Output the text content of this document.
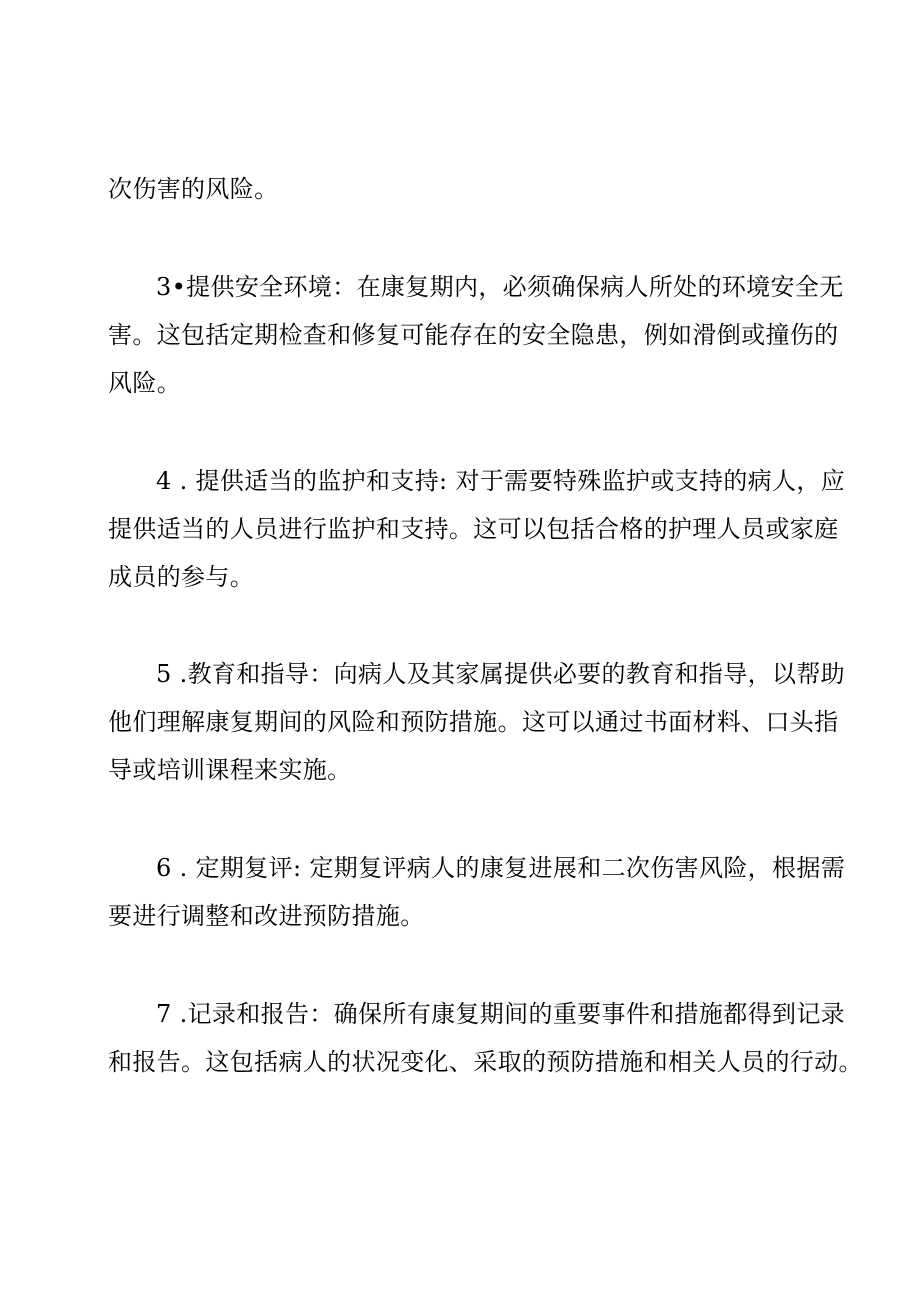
次伤害的风险。
3•提供安全环境：在康复期内，必须确保病人所处的环境安全无
害。这包括定期检查和修复可能存在的安全隐患，例如滑倒或撞伤的
风险。
4 . 提供适当的监护和支持: 对于需要特殊监护或支持的病人，应
提供适当的人员进行监护和支持。这可以包括合格的护理人员或家庭
成员的参与。
5 .教育和指导：向病人及其家属提供必要的教育和指导，以帮助
他们理解康复期间的风险和预防措施。这可以通过书面材料、口头指
导或培训课程来实施。
6 . 定期复评: 定期复评病人的康复进展和二次伤害风险，根据需
要进行调整和改进预防措施。
7 .记录和报告：确保所有康复期间的重要事件和措施都得到记录
和报告。这包括病人的状况变化、采取的预防措施和相关人员的行动。
